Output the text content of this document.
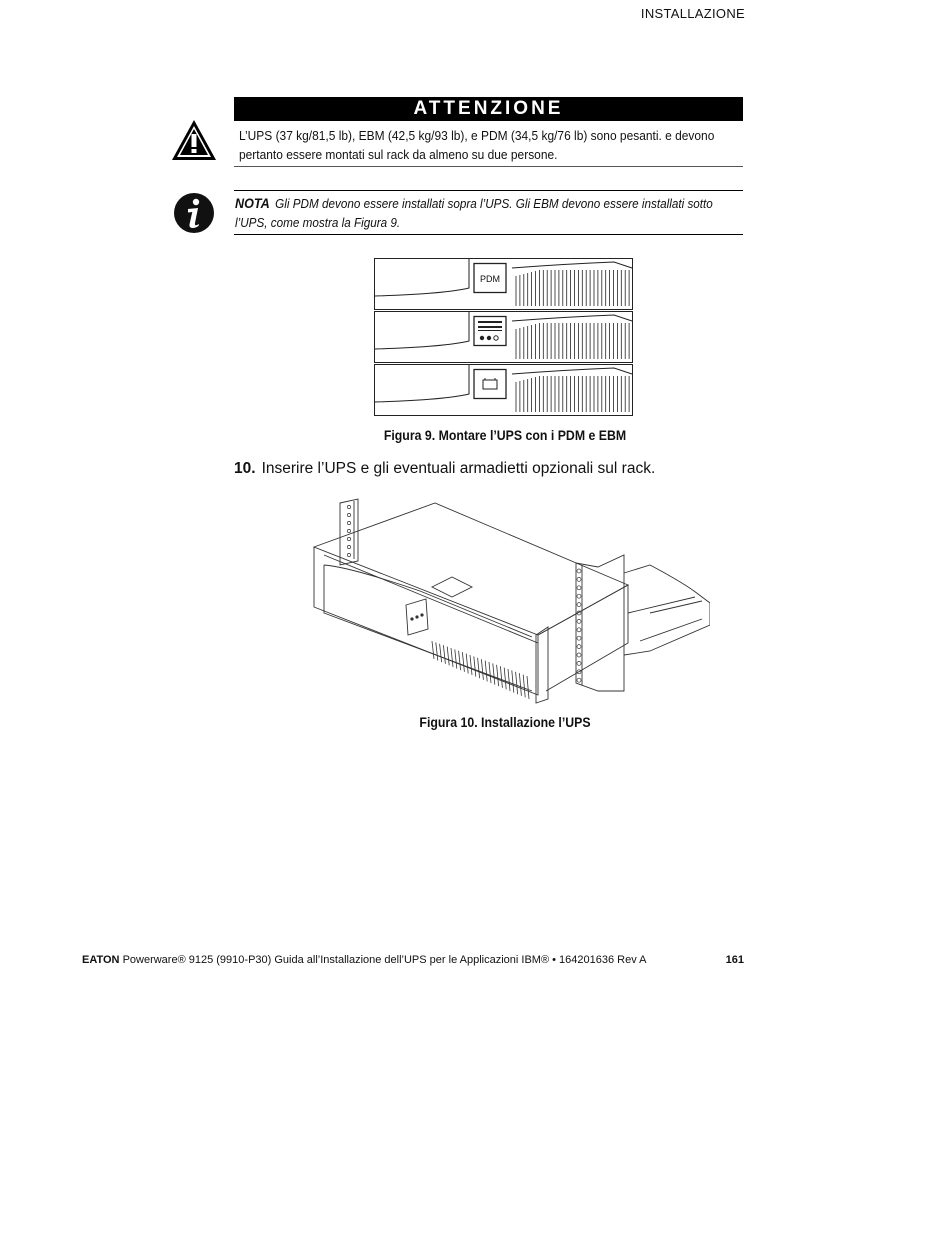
INSTALLAZIONE
ATTENZIONE
L’UPS (37 kg/81,5 lb), EBM (42,5 kg/93 lb), e PDM (34,5 kg/76 lb) sono pesanti. e devono pertanto essere montati sul rack da almeno su due persone.
NOTA Gli PDM devono essere installati sopra l’UPS. Gli EBM devono essere installati sotto l’UPS, come mostra la Figura 9.
PDM
Figura 9. Montare l’UPS con i PDM e EBM
10. Inserire l’UPS e gli eventuali armadietti opzionali sul rack.
Figura 10. Installazione l’UPS
EATON Powerware® 9125 (9910-P30) Guida all’Installazione dell’UPS per le Applicazioni IBM® • 164201636 Rev A	161
